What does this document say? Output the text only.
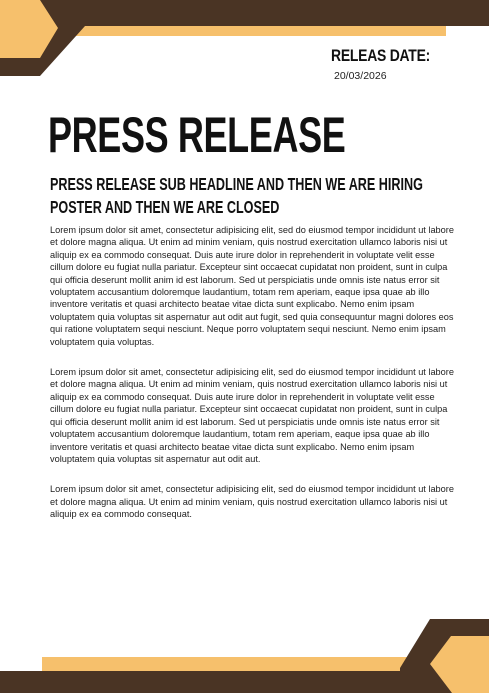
RELEAS DATE:
20/03/2026
PRESS RELEASE
PRESS RELEASE SUB HEADLINE AND THEN WE ARE HIRING POSTER AND THEN WE ARE CLOSED

Lorem ipsum dolor sit amet, consectetur adipisicing elit, sed do eiusmod tempor incididunt ut labore et dolore magna aliqua. Ut enim ad minim veniam, quis nostrud exercitation ullamco laboris nisi ut aliquip ex ea commodo consequat. Duis aute irure dolor in reprehenderit in voluptate velit esse cillum dolore eu fugiat nulla pariatur. Excepteur sint occaecat cupidatat non proident, sunt in culpa qui officia deserunt mollit anim id est laborum. Sed ut perspiciatis unde omnis iste natus error sit voluptatem accusantium doloremque laudantium, totam rem aperiam, eaque ipsa quae ab illo inventore veritatis et quasi architecto beatae vitae dicta sunt explicabo. Nemo enim ipsam voluptatem quia voluptas sit aspernatur aut odit aut fugit, sed quia consequuntur magni dolores eos qui ratione voluptatem sequi nesciunt. Neque porro voluptatem sequi nesciunt. Nemo enim ipsam voluptatem quia voluptas.

Lorem ipsum dolor sit amet, consectetur adipisicing elit, sed do eiusmod tempor incididunt ut labore et dolore magna aliqua. Ut enim ad minim veniam, quis nostrud exercitation ullamco laboris nisi ut aliquip ex ea commodo consequat. Duis aute irure dolor in reprehenderit in voluptate velit esse cillum dolore eu fugiat nulla pariatur. Excepteur sint occaecat cupidatat non proident, sunt in culpa qui officia deserunt mollit anim id est laborum. Sed ut perspiciatis unde omnis iste natus error sit voluptatem accusantium doloremque laudantium, totam rem aperiam, eaque ipsa quae ab illo inventore veritatis et quasi architecto beatae vitae dicta sunt explicabo. Nemo enim ipsam voluptatem quia voluptas sit aspernatur aut odit aut.

Lorem ipsum dolor sit amet, consectetur adipisicing elit, sed do eiusmod tempor incididunt ut labore et dolore magna aliqua. Ut enim ad minim veniam, quis nostrud exercitation ullamco laboris nisi ut aliquip ex ea commodo consequat.
